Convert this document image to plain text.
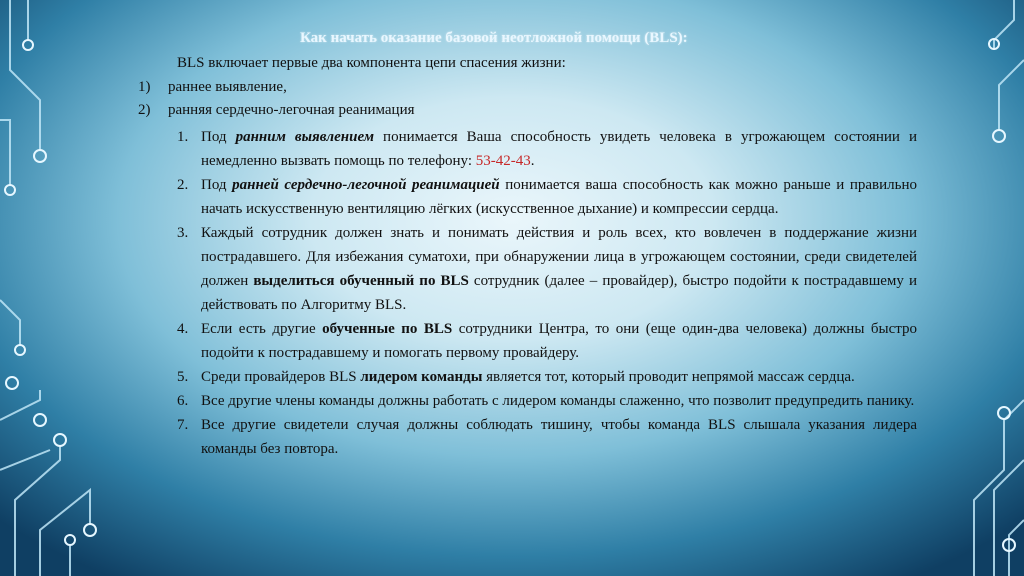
Как начать оказание базовой неотложной помощи (BLS):
BLS включает первые два компонента цепи спасения жизни:
1) раннее выявление,
2) ранняя сердечно-легочная реанимация
1. Под ранним выявлением понимается Ваша способность увидеть человека в угрожающем состоянии и немедленно вызвать помощь по телефону: 53-42-43.
2. Под ранней сердечно-легочной реанимацией понимается ваша способность как можно раньше и правильно начать искусственную вентиляцию лёгких (искусственное дыхание) и компрессии сердца.
3. Каждый сотрудник должен знать и понимать действия и роль всех, кто вовлечен в поддержание жизни пострадавшего. Для избежания суматохи, при обнаружении лица в угрожающем состоянии, среди свидетелей должен выделиться обученный по BLS сотрудник (далее – провайдер), быстро подойти к пострадавшему и действовать по Алгоритму BLS.
4. Если есть другие обученные по BLS сотрудники Центра, то они (еще один-два человека) должны быстро подойти к пострадавшему и помогать первому провайдеру.
5. Среди провайдеров BLS лидером команды является тот, который проводит непрямой массаж сердца.
6. Все другие члены команды должны работать с лидером команды слаженно, что позволит предупредить панику.
7. Все другие свидетели случая должны соблюдать тишину, чтобы команда BLS слышала указания лидера команды без повтора.
